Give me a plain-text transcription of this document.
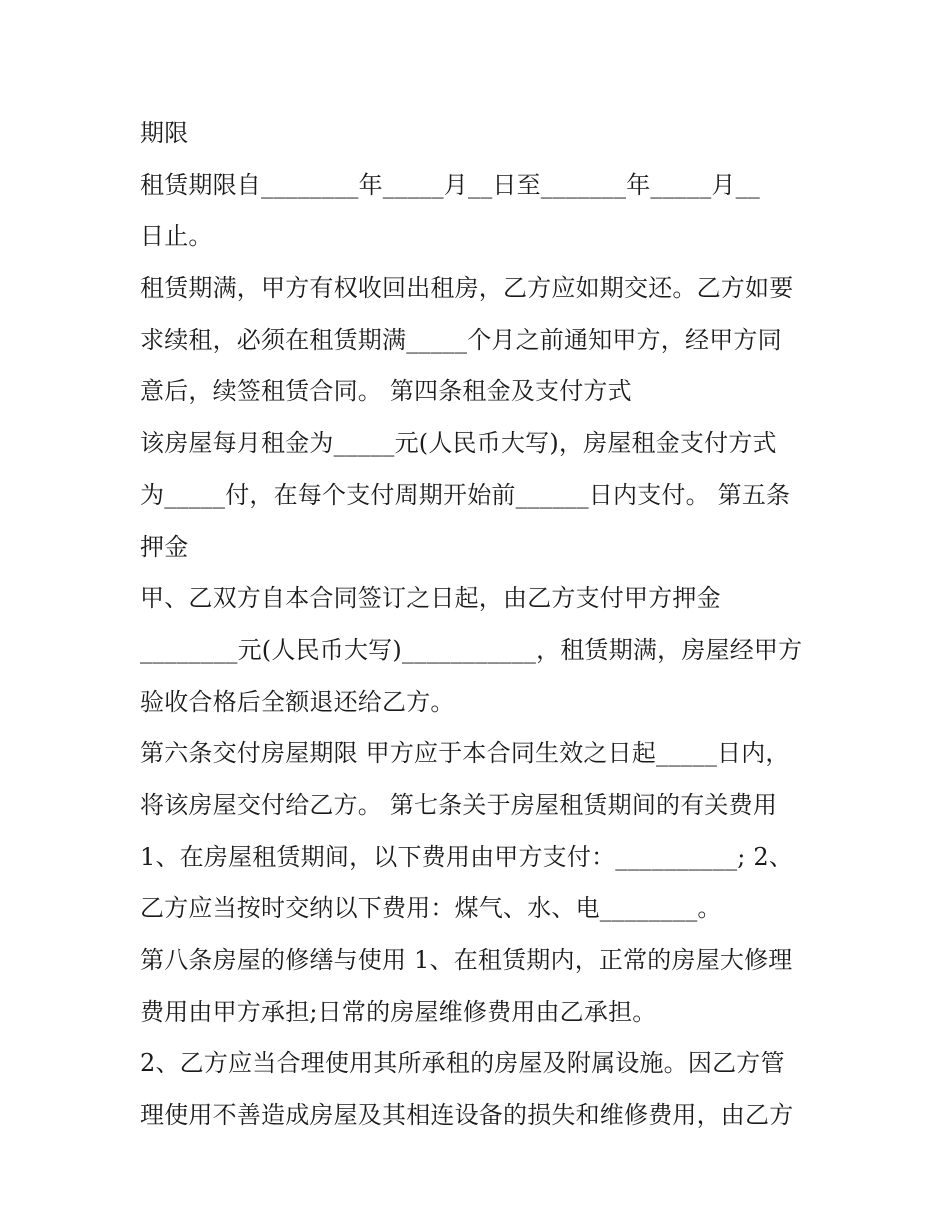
期限
租赁期限自________年_____月__日至_______年_____月__
日止。
租赁期满，甲方有权收回出租房，乙方应如期交还。乙方如要
求续租，必须在租赁期满_____个月之前通知甲方，经甲方同
意后，续签租赁合同。 第四条租金及支付方式
该房屋每月租金为_____元(人民币大写)，房屋租金支付方式
为_____付，在每个支付周期开始前______日内支付。 第五条
押金
甲、乙双方自本合同签订之日起，由乙方支付甲方押金
________元(人民币大写)___________，租赁期满，房屋经甲方
验收合格后全额退还给乙方。
第六条交付房屋期限 甲方应于本合同生效之日起_____日内，
将该房屋交付给乙方。 第七条关于房屋租赁期间的有关费用
1、在房屋租赁期间，以下费用由甲方支付：__________; 2、
乙方应当按时交纳以下费用：煤气、水、电________。
第八条房屋的修缮与使用 1、在租赁期内，正常的房屋大修理
费用由甲方承担;日常的房屋维修费用由乙承担。
2、乙方应当合理使用其所承租的房屋及附属设施。因乙方管
理使用不善造成房屋及其相连设备的损失和维修费用，由乙方
